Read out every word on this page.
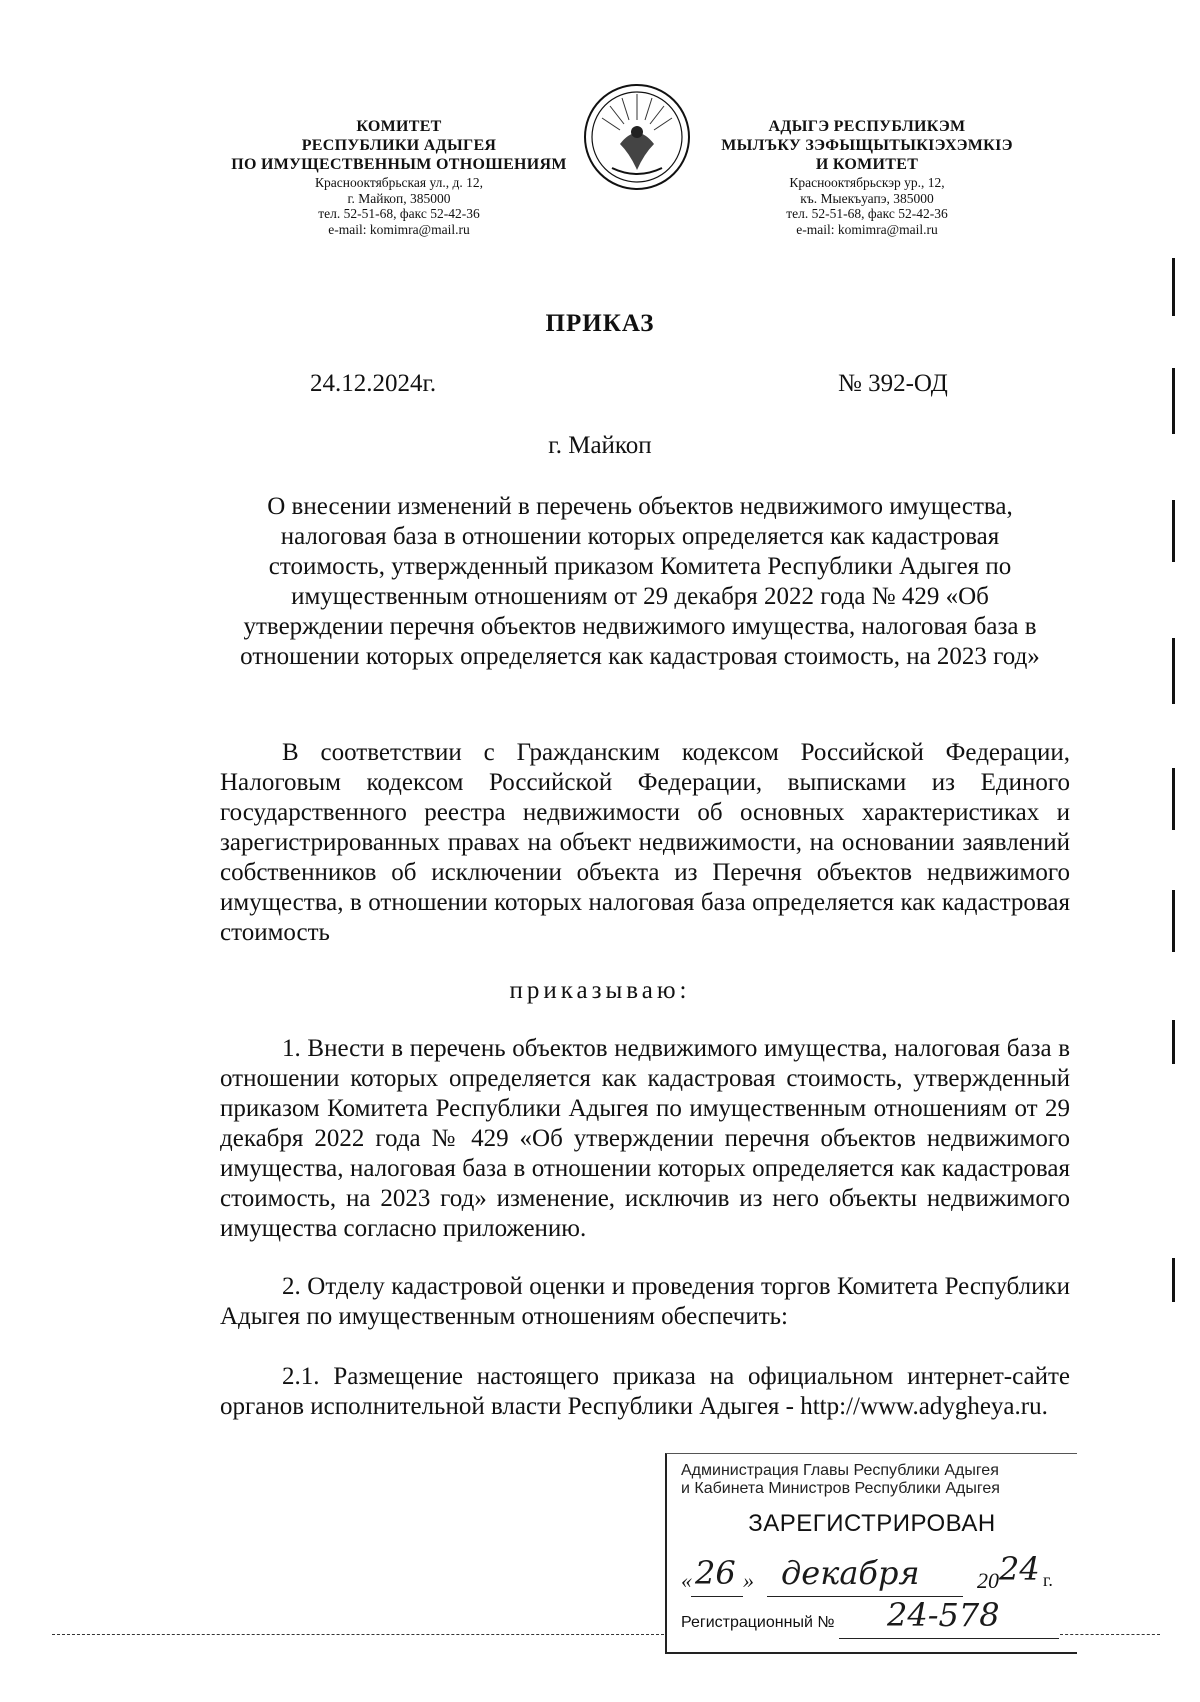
КОМИТЕТ
РЕСПУБЛИКИ АДЫГЕЯ
ПО ИМУЩЕСТВЕННЫМ ОТНОШЕНИЯМ
Краснооктябрьская ул., д. 12,
г. Майкоп, 385000
тел. 52-51-68, факс 52-42-36
e-mail: komimra@mail.ru
АДЫГЭ РЕСПУБЛИКЭМ
МЫЛЪКУ ЗЭФЫЩЫТЫКIЭХЭМКIЭ
И КОМИТЕТ
Краснооктябрьскэр ур., 12,
къ. Мыекъуапэ, 385000
тел. 52-51-68, факс 52-42-36
e-mail: komimra@mail.ru
ПРИКАЗ
24.12.2024г.	№ 392-ОД
г. Майкоп
О внесении изменений в перечень объектов недвижимого имущества,
налоговая база в отношении которых определяется как кадастровая
стоимость, утвержденный приказом Комитета Республики Адыгея по
имущественным отношениям от 29 декабря 2022 года № 429 «Об
утверждении перечня объектов недвижимого имущества, налоговая база в
отношении которых определяется как кадастровая стоимость, на 2023 год»
В соответствии с Гражданским кодексом Российской Федерации, Налоговым кодексом Российской Федерации, выписками из Единого государственного реестра недвижимости об основных характеристиках и зарегистрированных правах на объект недвижимости, на основании заявлений собственников об исключении объекта из Перечня объектов недвижимого имущества, в отношении которых налоговая база определяется как кадастровая стоимость
приказываю:
1. Внести в перечень объектов недвижимого имущества, налоговая база в отношении которых определяется как кадастровая стоимость, утвержденный приказом Комитета Республики Адыгея по имущественным отношениям от 29 декабря 2022 года № 429 «Об утверждении перечня объектов недвижимого имущества, налоговая база в отношении которых определяется как кадастровая стоимость, на 2023 год» изменение, исключив из него объекты недвижимого имущества согласно приложению.
2. Отделу кадастровой оценки и проведения торгов Комитета Республики Адыгея по имущественным отношениям обеспечить:
2.1. Размещение настоящего приказа на официальном интернет-сайте органов исполнительной власти Республики Адыгея - http://www.adygheya.ru.
Администрация Главы Республики Адыгея
и Кабинета Министров Республики Адыгея
ЗАРЕГИСТРИРОВАН
« 26 » декабря	20 24 г.
Регистрационный № 24-578
